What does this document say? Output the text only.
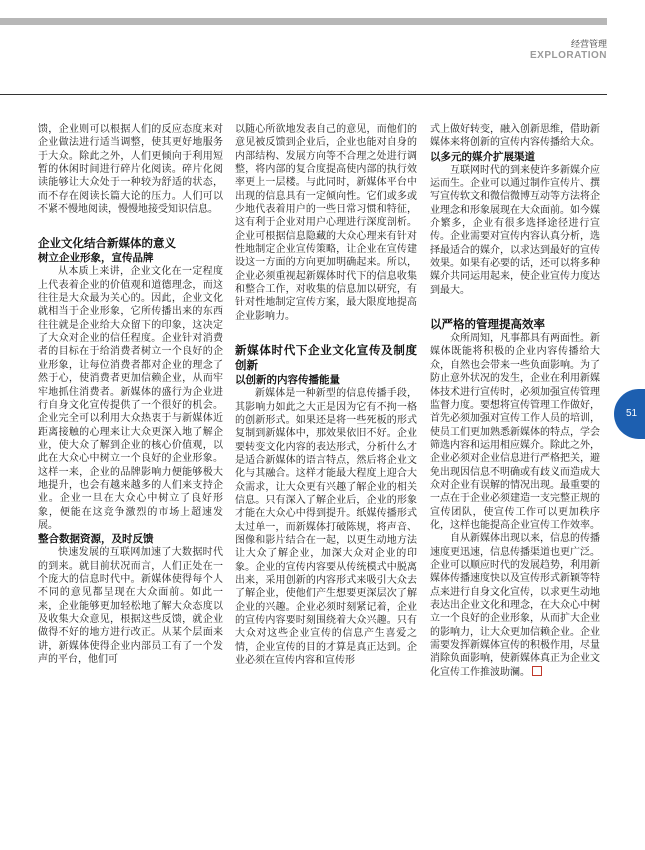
经营管理
EXPLORATION

馈，企业则可以根据人们的反应态度来对企业做法进行适当调整，使其更好地服务于大众。除此之外，人们更倾向于利用短暂的休闲时间进行碎片化阅读。碎片化阅读能够让大众处于一种较为舒适的状态，而不存在阅读长篇大论的压力。人们可以不紧不慢地阅读，慢慢地接受知识信息。

企业文化结合新媒体的意义
树立企业形象，宣传品牌

从本质上来讲，企业文化在一定程度上代表着企业的价值观和道德理念，而这往往是大众最为关心的。因此，企业文化就相当于企业形象，它所传播出来的东西往往就是企业给大众留下的印象，这决定了大众对企业的信任程度。企业针对消费者的目标在于给消费者树立一个良好的企业形象，让每位消费者都对企业的理念了然于心，使消费者更加信赖企业，从而牢牢地抓住消费者。新媒体的盛行为企业进行自身文化宣传提供了一个很好的机会。企业完全可以利用大众热衷于与新媒体近距离接触的心理来让大众更深入地了解企业，使大众了解到企业的核心价值观，以此在大众心中树立一个良好的企业形象。这样一来，企业的品牌影响力便能够极大地提升，也会有越来越多的人们来支持企业。企业一旦在大众心中树立了良好形象，便能在这竞争激烈的市场上超速发展。

整合数据资源，及时反馈

快速发展的互联网加速了大数据时代的到来。就目前状况而言，人们正处在一个庞大的信息时代中。新媒体使得每个人不同的意见都呈现在大众面前。如此一来，企业能够更加轻松地了解大众态度以及收集大众意见，根据这些反馈，就企业做得不好的地方进行改正。从某个层面来讲，新媒体使得企业内部员工有了一个发声的平台，他们可

以随心所欲地发表自己的意见，而他们的意见被反馈到企业后，企业也能对自身的内部结构、发展方向等不合理之处进行调整，将内部的复合度提高使内部的执行效率更上一层楼。与此同时，新媒体平台中出现的信息具有一定倾向性。它们或多或少地代表着用户的一些日常习惯和特征，这有利于企业对用户心理进行深度剖析。企业可根据信息隐藏的大众心理来有针对性地制定企业宣传策略，让企业在宣传建设这一方面的方向更加明确起来。所以，企业必须重视起新媒体时代下的信息收集和整合工作，对收集的信息加以研究，有针对性地制定宣传方案，最大限度地提高企业影响力。

新媒体时代下企业文化宣传及制度创新
以创新的内容传播能量

新媒体是一种新型的信息传播手段，其影响力如此之大正是因为它有不拘一格的创新形式。如果还是将一些死板的形式复制到新媒体中，那效果依旧不好。企业要转变文化内容的表达形式，分析什么才是适合新媒体的语言特点，然后将企业文化与其融合。这样才能最大程度上迎合大众需求，让大众更有兴趣了解企业的相关信息。只有深入了解企业后，企业的形象才能在大众心中得到提升。纸媒传播形式太过单一，而新媒体打破陈规，将声音、图像和影片结合在一起，以更生动地方法让大众了解企业，加深大众对企业的印象。企业的宣传内容要从传统模式中脱离出来，采用创新的内容形式来吸引大众去了解企业，使他们产生想要更深层次了解企业的兴趣。企业必须时刻紧记着，企业的宣传内容要时刻围绕着大众兴趣。只有大众对这些企业宣传的信息产生喜爱之情，企业宣传的目的才算是真正达到。企业必须在宣传内容和宣传形

式上做好转变，融入创新思维，借助新媒体来将创新的宣传内容传播给大众。

以多元的媒介扩展渠道

互联网时代的到来使许多新媒介应运而生。企业可以通过制作宣传片、撰写宣传软文和微信微博互动等方法将企业理念和形象展现在大众面前。如今媒介繁多，企业有很多选择途径进行宣传。企业需要对宣传内容认真分析，选择最适合的媒介，以求达到最好的宣传效果。如果有必要的话，还可以将多种媒介共同运用起来，使企业宣传力度达到最大。

以严格的管理提高效率

众所周知，凡事都具有两面性。新媒体既能将积极的企业内容传播给大众，自然也会带来一些负面影响。为了防止意外状况的发生，企业在利用新媒体技术进行宣传时，必须加强宣传管理监督力度。要想将宣传管理工作做好，首先必须加强对宣传工作人员的培训，使员工们更加熟悉新媒体的特点，学会筛选内容和运用相应媒介。除此之外，企业必须对企业信息进行严格把关，避免出现因信息不明确或有歧义而造成大众对企业有误解的情况出现。最重要的一点在于企业必须建造一支完整正规的宣传团队，使宣传工作可以更加秩序化，这样也能提高企业宣传工作效率。

自从新媒体出现以来，信息的传播速度更迅速，信息传播渠道也更广泛。企业可以顺应时代的发展趋势，利用新媒体传播速度快以及宣传形式新颖等特点来进行自身文化宣传，以求更生动地表达出企业文化和理念，在大众心中树立一个良好的企业形象，从而扩大企业的影响力，让大众更加信赖企业。企业需要发挥新媒体宣传的积极作用，尽量消除负面影响，使新媒体真正为企业文化宣传工作推波助澜。

51
